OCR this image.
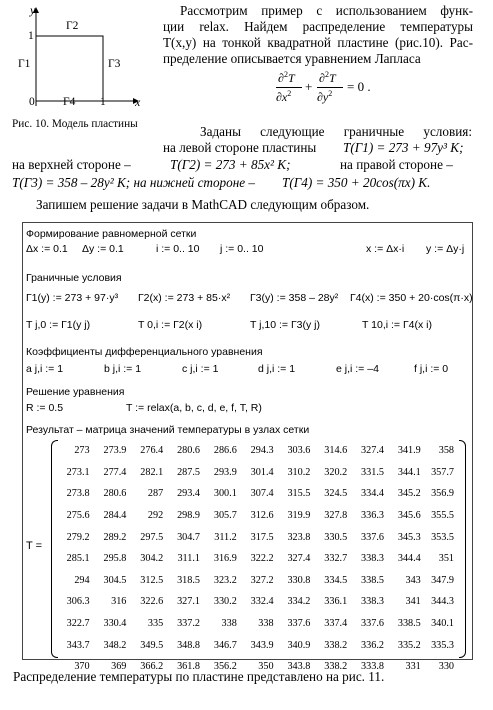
y
x
Γ2
Γ1	Γ3
Γ4
1
0	1
Рис. 10. Модель пластины
Рассмотрим пример с использованием функ-
ции relax. Найдем распределение температуры
T(x,y) на тонкой квадратной пластине (рис.10). Рас-
пределение описывается уравнением Лапласа
∂$^2$T
$\partial x^2$ +
∂$^2$T
$\partial y^2 = 0$ .
Заданы следующие граничные условия:
на левой стороне пластины T(Γ1) = 273 + 97y³ K;
на верхней стороне –	T(Γ2) = 273 + 85x² K;	на правой стороне –
T(Γ3) = 358 – 28y² K; на нижней стороне – T(Γ4) = 350 + 20cos(πx) K.
Запишем решение задачи в MathCAD следующим образом.
Формирование равномерной сетки
Δx := 0.1 Δy := 0.1	i := 0.. 10 j := 0.. 10	x := Δx·i y := Δy·j
Граничные условия
Г1(y) := 273 + 97·y³ Г2(x) := 273 + 85·x² Г3(y) := 358 – 28y² Г4(x) := 350 + 20·cos(π·x)
T j,0 := Г1(y j)	T 0,i := Г2(x i)	T j,10 := Г3(y j)	T 10,i := Г4(x i)
Коэффициенты дифференциального уравнения
a j,i := 1	b j,i := 1	c j,i := 1	d j,i := 1	e j,i := –4	f j,i := 0
Решение уравнения
R := 0.5	T := relax(a, b, c, d, e, f, T, R)
Результат – матрица значений температуры в узлах сетки
T =
273	273.9	276.4	280.6	286.6	294.3	303.6	314.6	327.4	341.9	358
273.1	277.4	282.1	287.5	293.9	301.4	310.2	320.2	331.5	344.1	357.7
273.8	280.6	287	293.4	300.1	307.4	315.5	324.5	334.4	345.2	356.9
275.6	284.4	292	298.9	305.7	312.6	319.9	327.8	336.3	345.6	355.5
279.2	289.2	297.5	304.7	311.2	317.5	323.8	330.5	337.6	345.3	353.5
285.1	295.8	304.2	311.1	316.9	322.2	327.4	332.7	338.3	344.4	351
294	304.5	312.5	318.5	323.2	327.2	330.8	334.5	338.5	343	347.9
306.3	316	322.6	327.1	330.2	332.4	334.2	336.1	338.3	341	344.3
322.7	330.4	335	337.2	338	338	337.6	337.4	337.6	338.5	340.1
343.7	348.2	349.5	348.8	346.7	343.9	340.9	338.2	336.2	335.2	335.3
370	369	366.2	361.8	356.2	350	343.8	338.2	333.8	331	330
Распределение температуры по пластине представлено на рис. 11.
